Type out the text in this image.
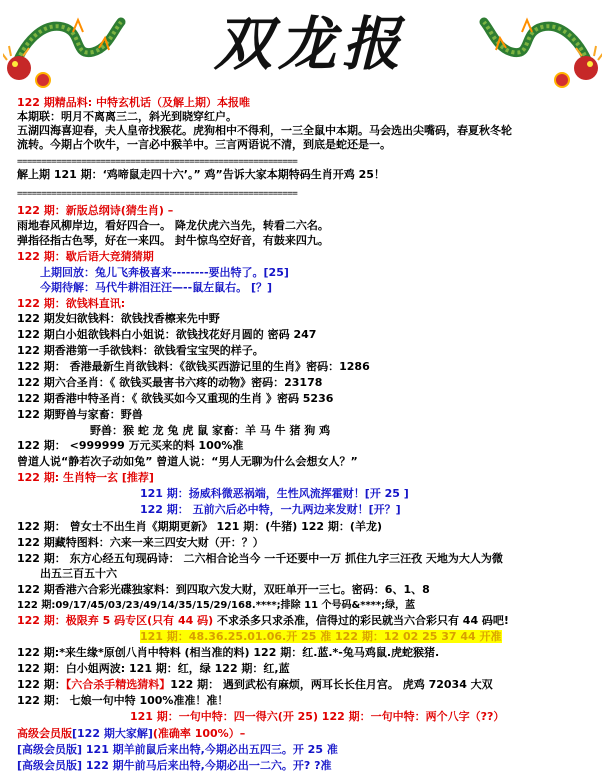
双龙报
122 期精品料: 中特玄机话（及解上期）本报唯
本期联：明月不离离三二，斜光到晓穿红户。
五湖四海喜迎春，夫人皇帝找猴花。虎狗相中不得利，一三全鼠中本期。马会选出尖嘴码，春夏秋冬轮
流转。今期占个吹牛，一言必中猴羊中。三言两语说不清，到底是蛇还是一。
=========================================================
解上期 121 期：‘鸡啼鼠走四十六’。” 鸡”告诉大家本期特码生肖开鸡 25！
=========================================================
122 期：新版总纲诗(猜生肖) –
雨地春风柳岸边，看好四合一。 降龙伏虎六当先，转看二六名。
弹指径指古色琴，好在一来四。 封牛惊鸟空好音，有鼓来四九。
122 期：歇后语大竞猜猜期
上期回放：兔儿飞奔极喜来--------要出特了。[25]
今期待解：马代牛耕泪汪汪—--鼠左鼠右。 [？]
122 期：欲钱料直讯:
122 期发妇欲钱料：欲钱找香檫来先中野
122 期白小姐欲钱料白小姐说：欲钱找花好月圆的 密码 247
122 期香港第一手欲钱料：欲钱看宝宝哭的样子。
122 期： 香港最新生肖欲钱料：《欲钱买西游记里的生肖》密码：1286
122 期六合圣肖：《 欲钱买最害书六疼的动物》密码：23178
122 期香港中特圣肖：《 欲钱买如今又重现的生肖 》密码 5236
122 期野兽与家畜：野兽
野兽：猴 蛇 龙 兔 虎 鼠 家畜：羊 马 牛 猪 狗 鸡
122 期： <999999 万元买来的料 100%准
曾道人说“静若次子动如兔” 曾道人说：“男人无聊为什么会想女人？”
122 期: 生肖特一玄 [推荐]
121 期：扬威科微恶祸端，生性风流挥霍财！[开 25 ]
122 期： 五前六后必中特，一九两边来发财！[开？]
122 期： 曾女士不出生肖《期期更新》 121 期：(牛猪) 122 期：(羊龙)
122 期藏特图料：六来一来三四安大财（开：？）
122 期： 东方心经五句现码诗： 二六相合论当今 一千还要中一万 抓住九字三汪孜 天地为大人为微
出五三百五十六
122 期香港六合彩光碟独家料：到四取六发大财，双旺单开一三七。密码：6、1、8
122 期:09/17/45/03/23/49/14/35/15/29/168.****;排除 11 个号码&****;绿，蓝
122 期：极限弃 5 码专区(只有 44 码) 不求杀多只求杀准，信得过的彩民就当六合彩只有 44 码吧!
121 期：48.36.25.01.06.开 25 准 122 期：12 02 25 37 44 开准
122 期:*来生缘*原创八肖中特料 (相当准的料) 122 期：红.蓝.*-兔马鸡鼠.虎蛇猴猪.
122 期：白小姐两波: 121 期：红，绿 122 期：红,蓝
122 期：【六合杀手精选猜料】122 期： 遇到武松有麻烦，两耳长长住月宫。 虎鸡 72034 大双
122 期： 七娘一句中特 100%准准！准！
121 期：一句中特：四一得六(开 25) 122 期：一句中特：两个八字（??）
高级会员版[122 期大家解](准确率 100%）–
[高级会员版] 121 期羊前鼠后来出特,今期必出五四三。开 25 准
[高级会员版] 122 期牛前马后来出特,今期必出一二六。开? ?准
